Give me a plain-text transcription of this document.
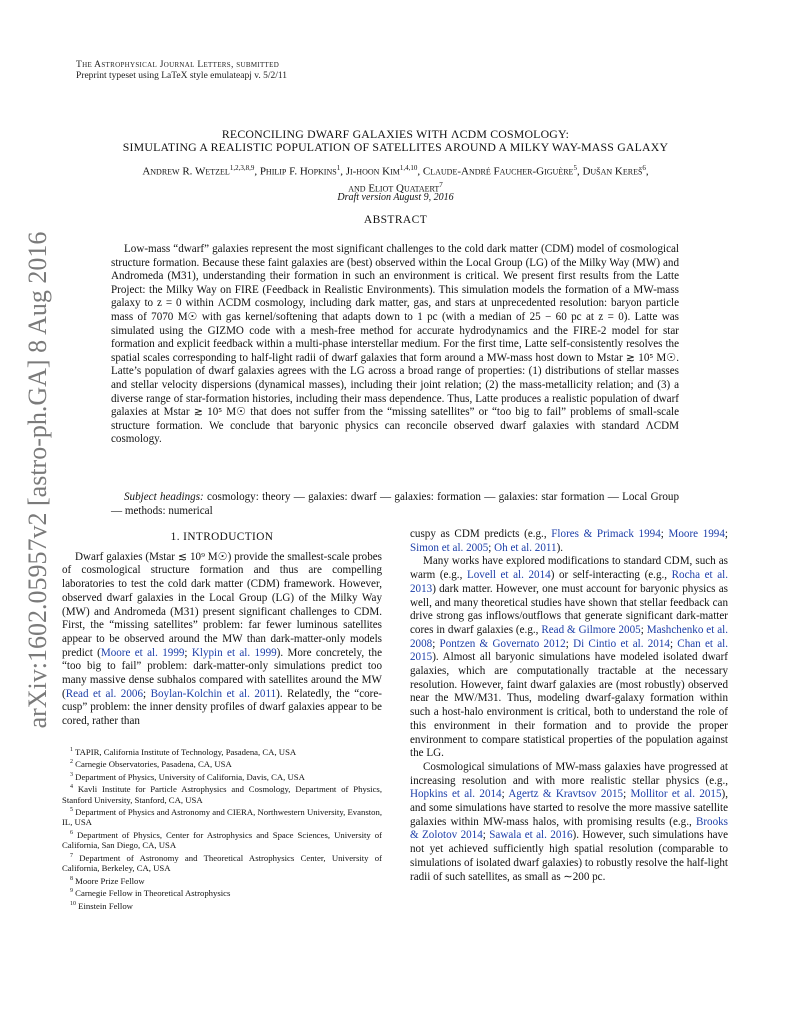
arXiv:1602.05957v2 [astro-ph.GA] 8 Aug 2016
The Astrophysical Journal Letters, submitted
Preprint typeset using LaTeX style emulateapj v. 5/2/11
RECONCILING DWARF GALAXIES WITH ΛCDM COSMOLOGY:
SIMULATING A REALISTIC POPULATION OF SATELLITES AROUND A MILKY WAY-MASS GALAXY
Andrew R. Wetzel$^{1,2,3,8,9}$, Philip F. Hopkins$^1$, Ji-hoon Kim$^{1,4,10}$, Claude-André Faucher-Giguère$^5$, Dušan Kereš$^6$,
and Eliot Quataert$^7$
Draft version August 9, 2016
ABSTRACT

Low-mass “dwarf” galaxies represent the most significant challenges to the cold dark matter (CDM) model of cosmological structure formation. Because these faint galaxies are (best) observed within the Local Group (LG) of the Milky Way (MW) and Andromeda (M31), understanding their formation in such an environment is critical. We present first results from the Latte Project: the Milky Way on FIRE (Feedback in Realistic Environments). This simulation models the formation of a MW-mass galaxy to z = 0 within ΛCDM cosmology, including dark matter, gas, and stars at unprecedented resolution: baryon particle mass of 7070 M☉ with gas kernel/softening that adapts down to 1 pc (with a median of 25 − 60 pc at z = 0). Latte was simulated using the GIZMO code with a mesh-free method for accurate hydrodynamics and the FIRE-2 model for star formation and explicit feedback within a multi-phase interstellar medium. For the first time, Latte self-consistently resolves the spatial scales corresponding to half-light radii of dwarf galaxies that form around a MW-mass host down to Mstar ≳ 10⁵ M☉. Latte’s population of dwarf galaxies agrees with the LG across a broad range of properties: (1) distributions of stellar masses and stellar velocity dispersions (dynamical masses), including their joint relation; (2) the mass-metallicity relation; and (3) a diverse range of star-formation histories, including their mass dependence. Thus, Latte produces a realistic population of dwarf galaxies at Mstar ≳ 10⁵ M☉ that does not suffer from the “missing satellites” or “too big to fail” problems of small-scale structure formation. We conclude that baryonic physics can reconcile observed dwarf galaxies with standard ΛCDM cosmology.

Subject headings: cosmology: theory — galaxies: dwarf — galaxies: formation — galaxies: star formation — Local Group — methods: numerical

1. INTRODUCTION

Dwarf galaxies (Mstar ≲ 10⁹ M☉) provide the smallest-scale probes of cosmological structure formation and thus are compelling laboratories to test the cold dark matter (CDM) framework. However, observed dwarf galaxies in the Local Group (LG) of the Milky Way (MW) and Andromeda (M31) present significant challenges to CDM. First, the “missing satellites” problem: far fewer luminous satellites appear to be observed around the MW than dark-matter-only models predict (Moore et al. 1999; Klypin et al. 1999). More concretely, the “too big to fail” problem: dark-matter-only simulations predict too many massive dense subhalos compared with satellites around the MW (Read et al. 2006; Boylan-Kolchin et al. 2011). Relatedly, the “core-cusp” problem: the inner density profiles of dwarf galaxies appear to be cored, rather than

cuspy as CDM predicts (e.g., Flores & Primack 1994; Moore 1994; Simon et al. 2005; Oh et al. 2011).

Many works have explored modifications to standard CDM, such as warm (e.g., Lovell et al. 2014) or self-interacting (e.g., Rocha et al. 2013) dark matter. However, one must account for baryonic physics as well, and many theoretical studies have shown that stellar feedback can drive strong gas inflows/outflows that generate significant dark-matter cores in dwarf galaxies (e.g., Read & Gilmore 2005; Mashchenko et al. 2008; Pontzen & Governato 2012; Di Cintio et al. 2014; Chan et al. 2015). Almost all baryonic simulations have modeled isolated dwarf galaxies, which are computationally tractable at the necessary resolution. However, faint dwarf galaxies are (most robustly) observed near the MW/M31. Thus, modeling dwarf-galaxy formation within such a host-halo environment is critical, both to understand the role of this environment in their formation and to provide the proper environment to compare statistical properties of the population against the LG.

Cosmological simulations of MW-mass galaxies have progressed at increasing resolution and with more realistic stellar physics (e.g., Hopkins et al. 2014; Agertz & Kravtsov 2015; Mollitor et al. 2015), and some simulations have started to resolve the more massive satellite galaxies within MW-mass halos, with promising results (e.g., Brooks & Zolotov 2014; Sawala et al. 2016). However, such simulations have not yet achieved sufficiently high spatial resolution (comparable to simulations of isolated dwarf galaxies) to robustly resolve the half-light radii of such satellites, as small as ∼200 pc.

$^1$ TAPIR, California Institute of Technology, Pasadena, CA, USA

$^2$ Carnegie Observatories, Pasadena, CA, USA

$^3$ Department of Physics, University of California, Davis, CA, USA

$^4$ Kavli Institute for Particle Astrophysics and Cosmology, Department of Physics, Stanford University, Stanford, CA, USA

$^5$ Department of Physics and Astronomy and CIERA, Northwestern University, Evanston, IL, USA

$^6$ Department of Physics, Center for Astrophysics and Space Sciences, University of California, San Diego, CA, USA

$^7$ Department of Astronomy and Theoretical Astrophysics Center, University of California, Berkeley, CA, USA

$^8$ Moore Prize Fellow

$^9$ Carnegie Fellow in Theoretical Astrophysics

$^{10}$ Einstein Fellow
